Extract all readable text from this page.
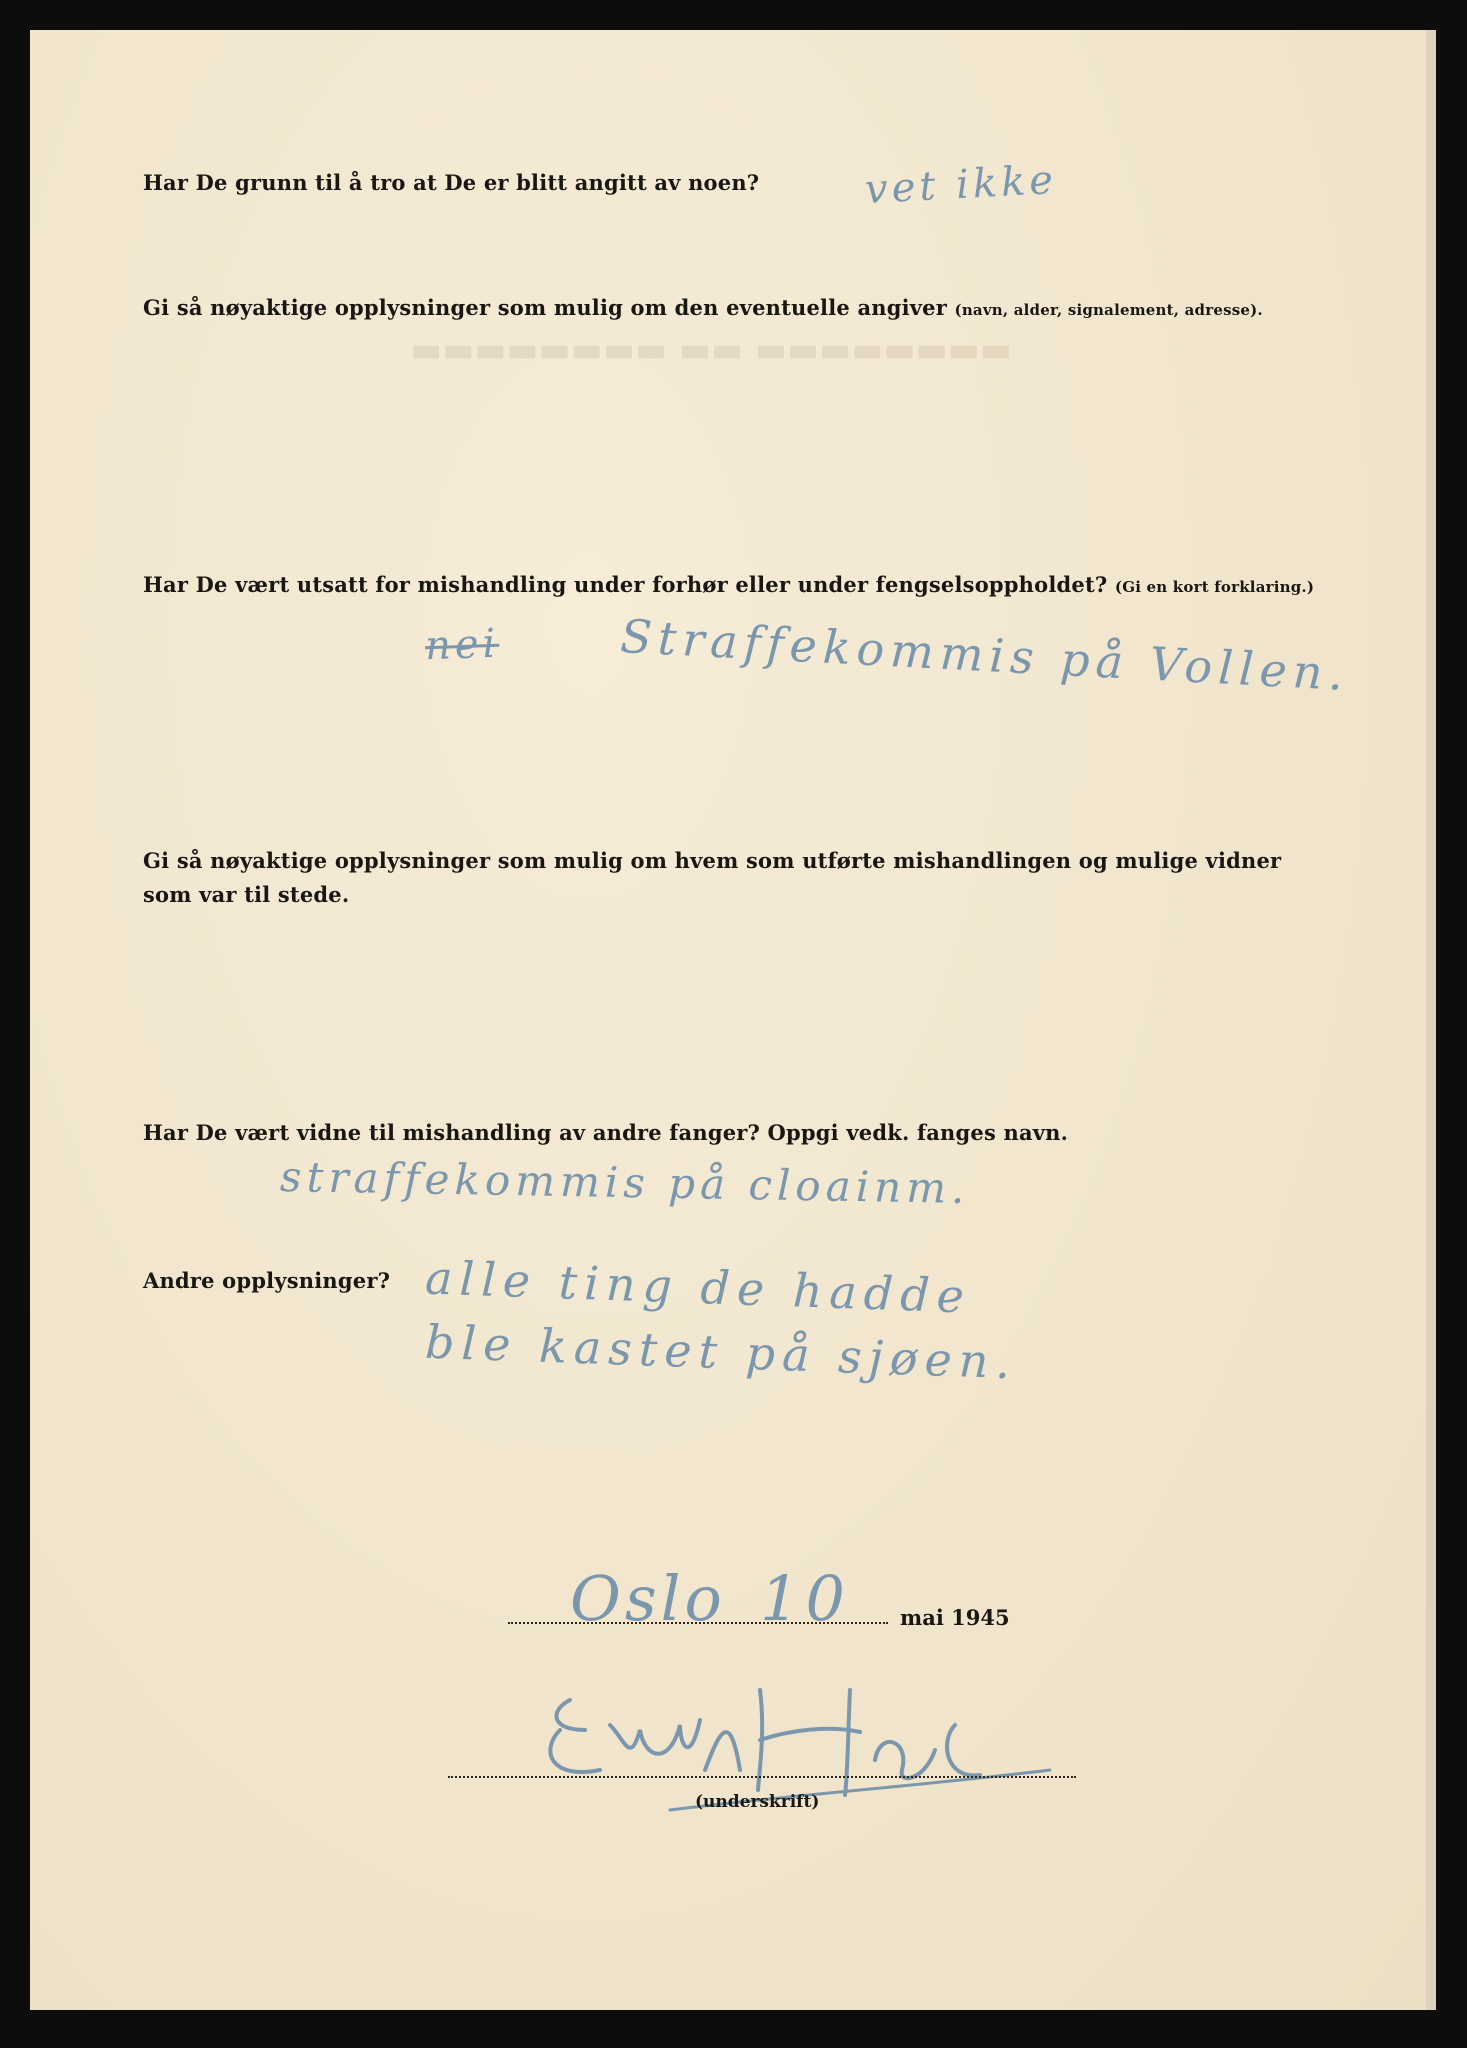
▬▬▬▬▬▬▬▬ ▬▬ ▬▬▬▬▬▬▬▬
Har De grunn til å tro at De er blitt angitt av noen?	vet ikke
Gi så nøyaktige opplysninger som mulig om den eventuelle angiver (navn, alder, signalement, adresse).
Har De vært utsatt for mishandling under forhør eller under fengselsoppholdet? (Gi en kort forklaring.)
nei	Straffekommis på Vollen.
Gi så nøyaktige opplysninger som mulig om hvem som utførte mishandlingen og mulige vidner
som var til stede.
Har De vært vidne til mishandling av andre fanger? Oppgi vedk. fanges navn.
straffekommis på cloainm.
Andre opplysninger? alle ting de hadde
ble kastet på sjøen.
Oslo 10 mai 1945
(underskrift)
